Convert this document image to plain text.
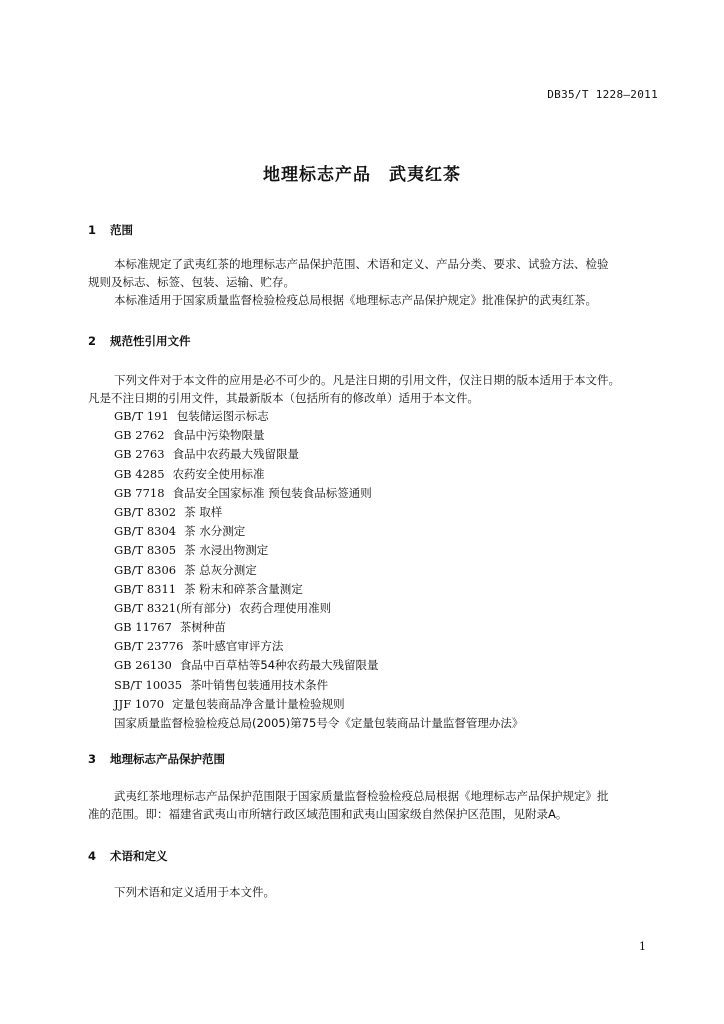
DB35/T 1228—2011
地理标志产品　武夷红茶
1 范围
本标准规定了武夷红茶的地理标志产品保护范围、术语和定义、产品分类、要求、试验方法、检验
规则及标志、标签、包装、运输、贮存。
本标准适用于国家质量监督检验检疫总局根据《地理标志产品保护规定》批准保护的武夷红茶。
2 规范性引用文件
下列文件对于本文件的应用是必不可少的。凡是注日期的引用文件，仅注日期的版本适用于本文件。
凡是不注日期的引用文件，其最新版本（包括所有的修改单）适用于本文件。
GB/T 191 包装储运图示标志
GB 2762 食品中污染物限量
GB 2763 食品中农药最大残留限量
GB 4285 农药安全使用标准
GB 7718 食品安全国家标准 预包装食品标签通则
GB/T 8302 茶 取样
GB/T 8304 茶 水分测定
GB/T 8305 茶 水浸出物测定
GB/T 8306 茶 总灰分测定
GB/T 8311 茶 粉末和碎茶含量测定
GB/T 8321(所有部分) 农药合理使用准则
GB 11767 茶树种苗
GB/T 23776 茶叶感官审评方法
GB 26130 食品中百草枯等54种农药最大残留限量
SB/T 10035 茶叶销售包装通用技术条件
JJF 1070 定量包装商品净含量计量检验规则
国家质量监督检验检疫总局(2005)第75号令《定量包装商品计量监督管理办法》
3 地理标志产品保护范围
武夷红茶地理标志产品保护范围限于国家质量监督检验检疫总局根据《地理标志产品保护规定》批
准的范围。即：福建省武夷山市所辖行政区域范围和武夷山国家级自然保护区范围，见附录A。
4 术语和定义
下列术语和定义适用于本文件。
1
